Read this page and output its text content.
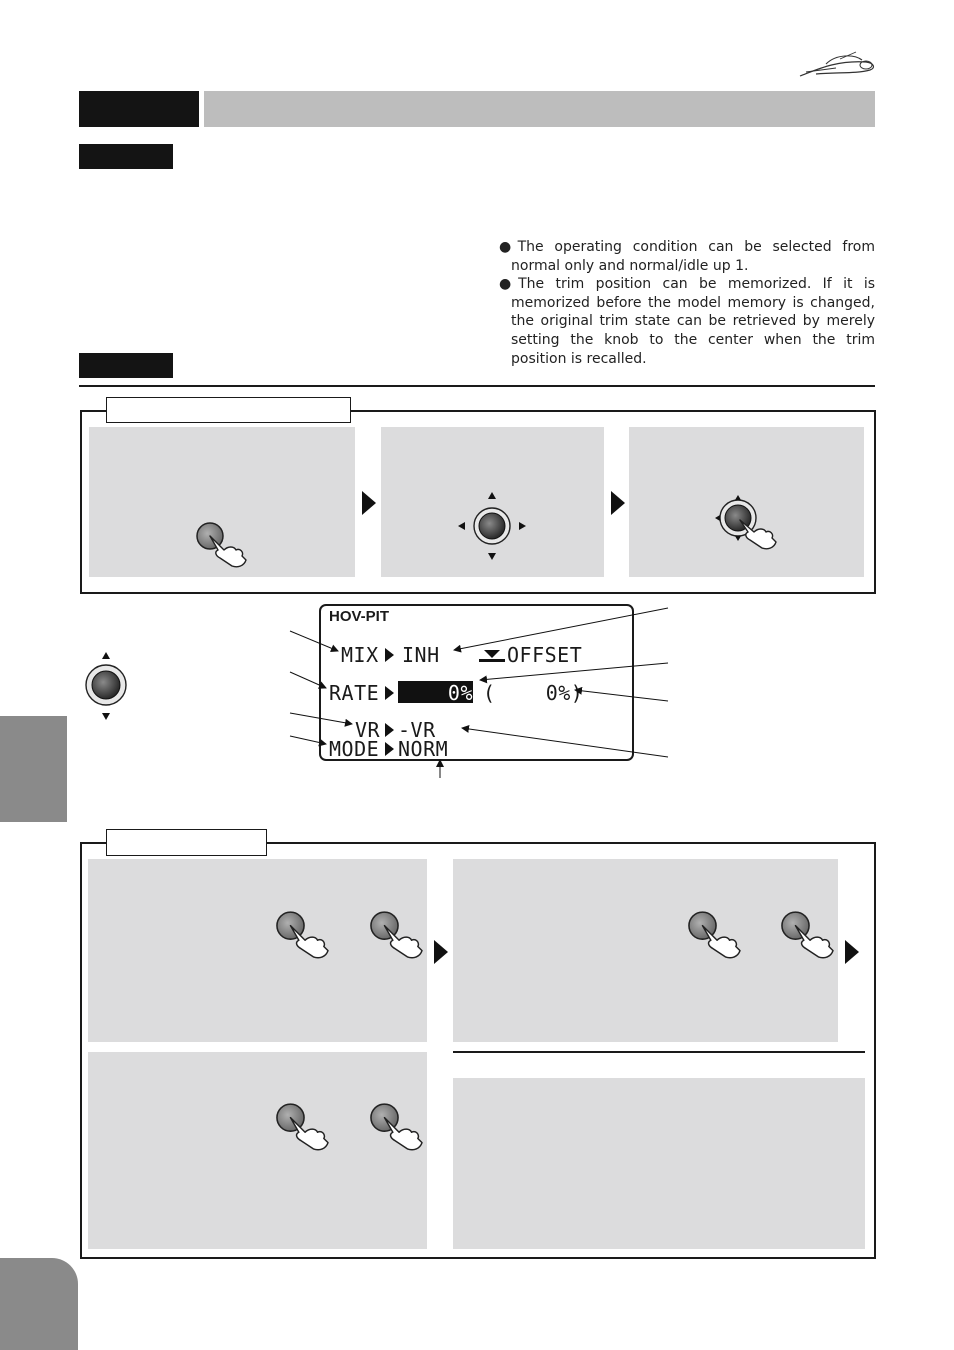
●The operating condition can be selected from normal only and normal/idle up 1.

●The trim position can be memorized. If it is memorized before the model memory is changed, the original trim state can be retrieved by merely setting the knob to the center when the trim position is recalled.

HOV-PIT
MIX INH	OFFSET
RATE	0% (    0%)
VR -VR
MODE NORM
